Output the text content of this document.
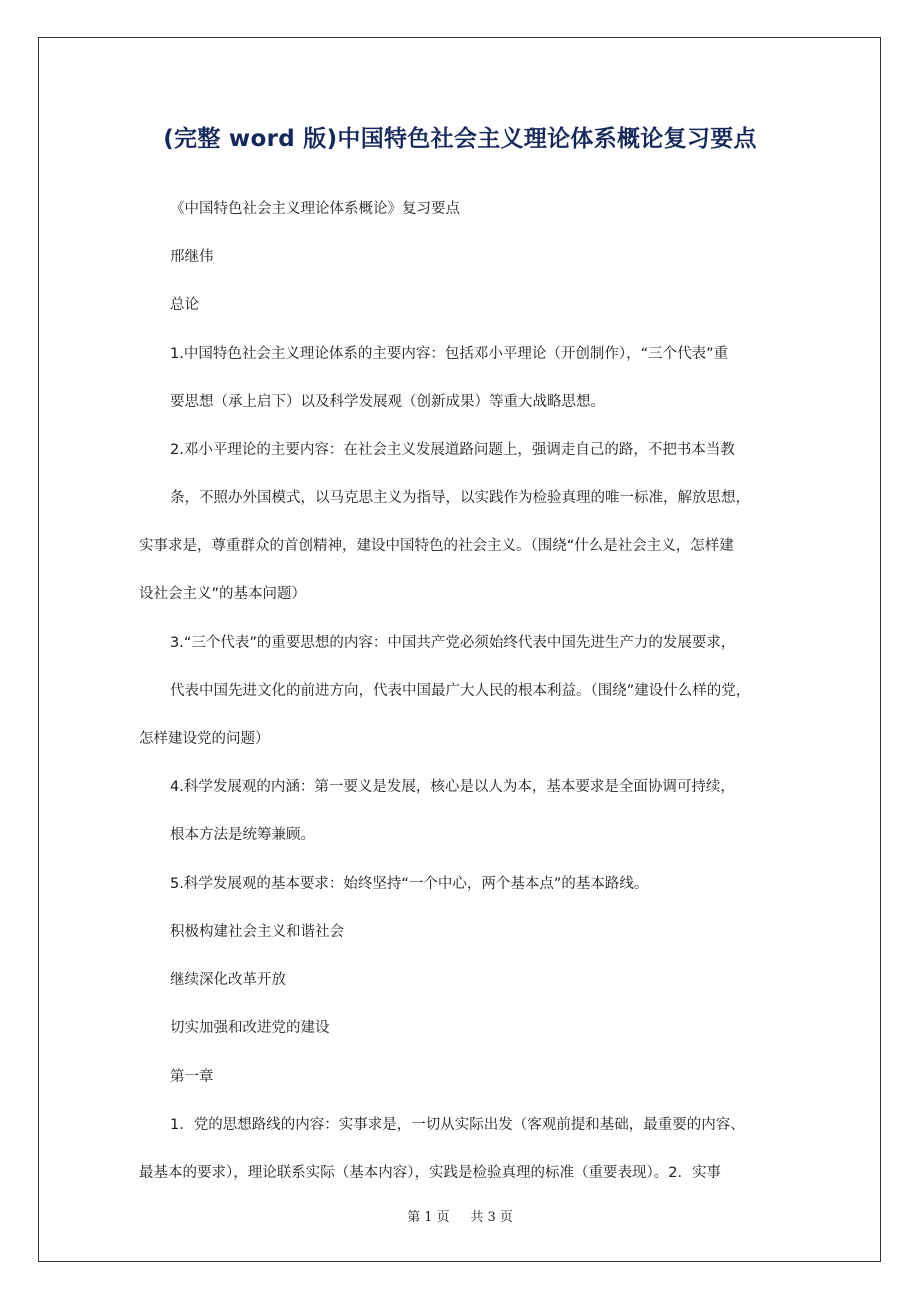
(完整 word 版)中国特色社会主义理论体系概论复习要点
《中国特色社会主义理论体系概论》复习要点
邢继伟
总论
1.中国特色社会主义理论体系的主要内容：包括邓小平理论（开创制作），“三个代表”重
要思想（承上启下）以及科学发展观（创新成果）等重大战略思想。
2.邓小平理论的主要内容：在社会主义发展道路问题上，强调走自己的路，不把书本当教
条，不照办外国模式，以马克思主义为指导，以实践作为检验真理的唯一标准，解放思想，
实事求是，尊重群众的首创精神，建设中国特色的社会主义。（围绕“什么是社会主义，怎样建
设社会主义”的基本问题）
3.“三个代表”的重要思想的内容：中国共产党必须始终代表中国先进生产力的发展要求，
代表中国先进文化的前进方向，代表中国最广大人民的根本利益。（围绕”建设什么样的党，
怎样建设党的问题）
4.科学发展观的内涵：第一要义是发展，核心是以人为本，基本要求是全面协调可持续，
根本方法是统筹兼顾。
5.科学发展观的基本要求：始终坚持“一个中心，两个基本点”的基本路线。
积极构建社会主义和谐社会
继续深化改革开放
切实加强和改进党的建设
第一章
1．党的思想路线的内容：实事求是，一切从实际出发（客观前提和基础，最重要的内容、
最基本的要求），理论联系实际（基本内容），实践是检验真理的标准（重要表现）。2．实事
第 1 页 共 3 页
